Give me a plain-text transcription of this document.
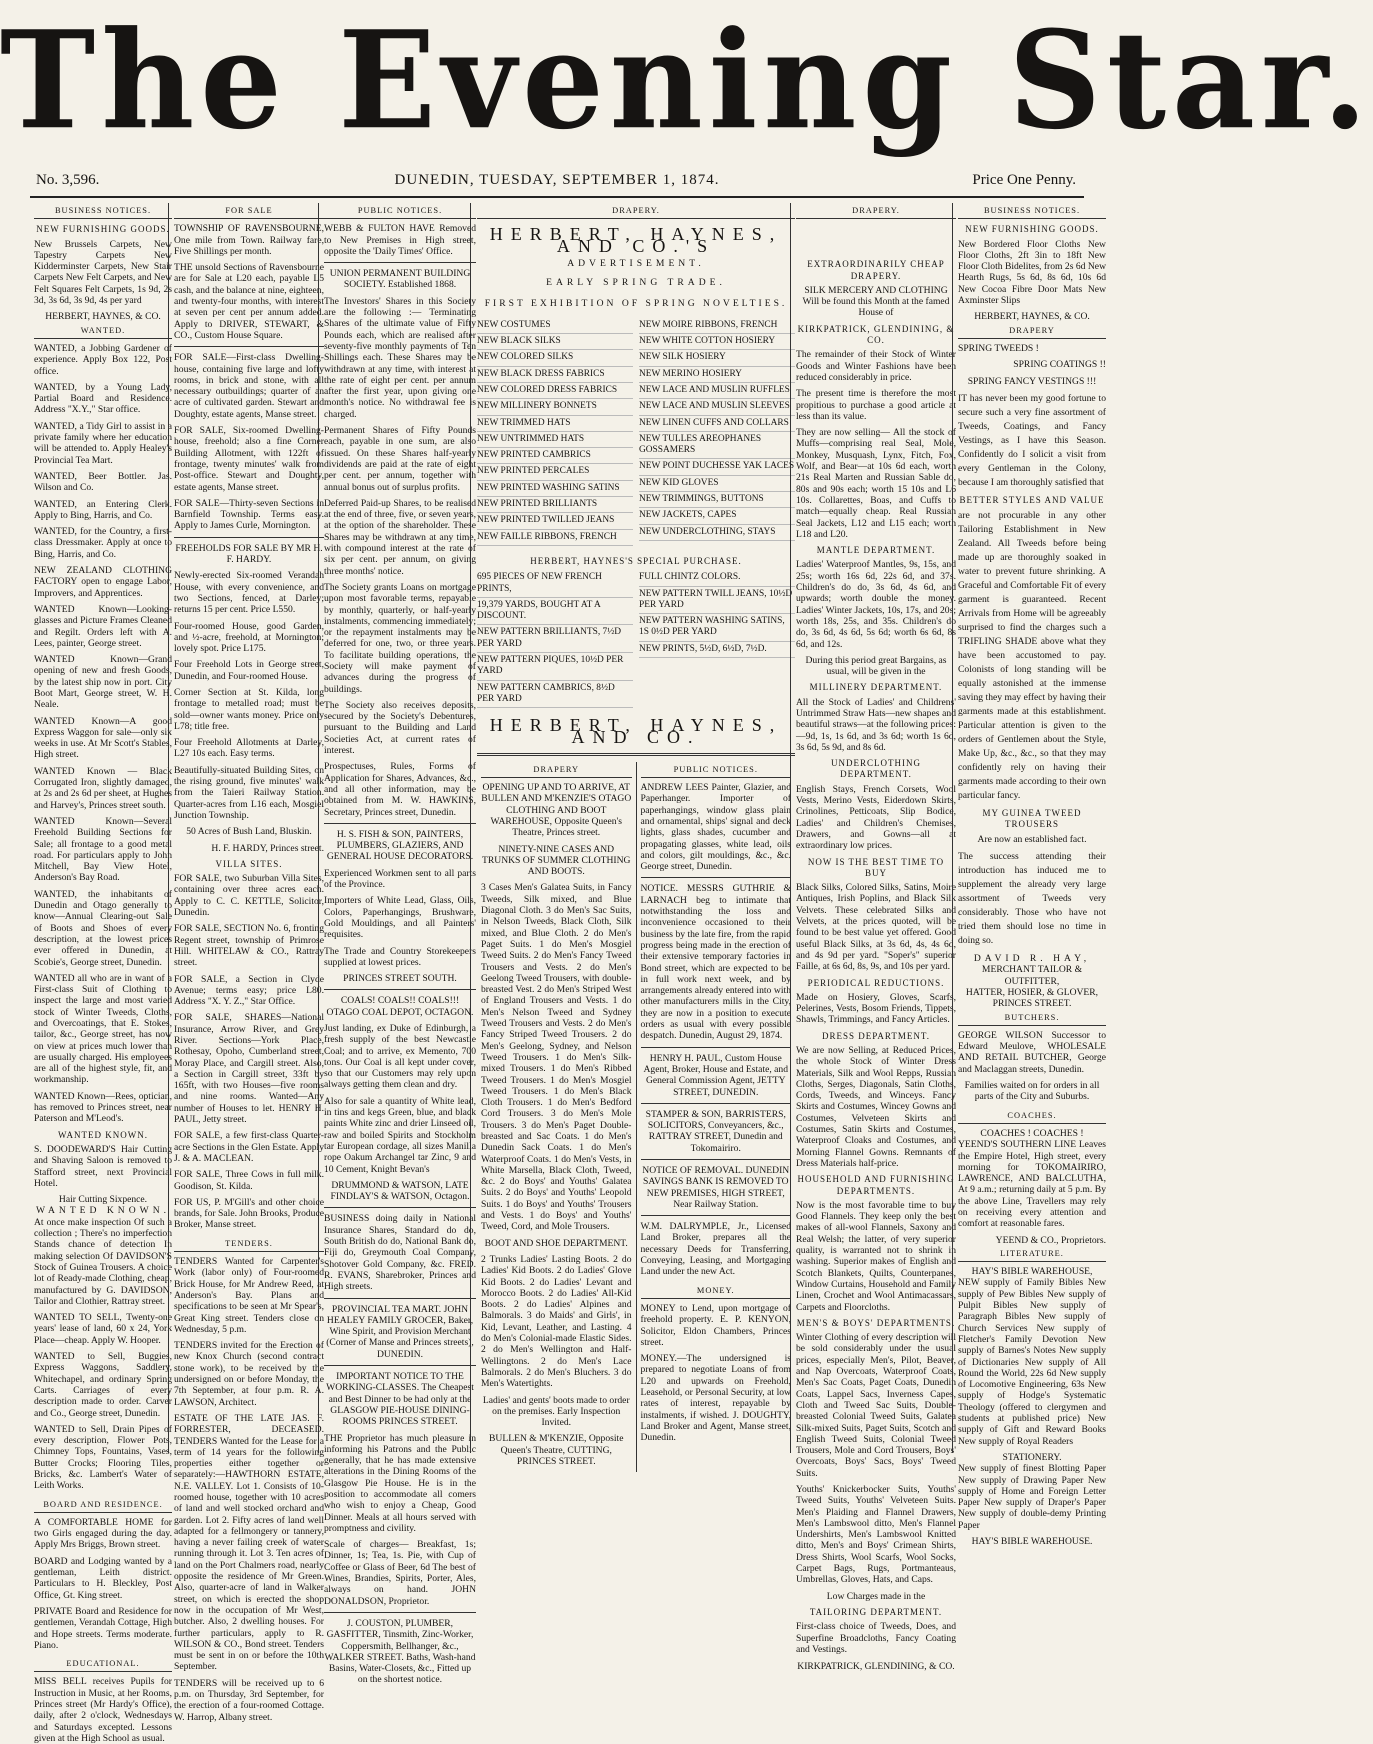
The Evening Star.
No. 3,596.	DUNEDIN, TUESDAY, SEPTEMBER 1, 1874.	Price One Penny.
BUSINESS NOTICES.
NEW FURNISHING GOODS.

New Brussels Carpets, New Tapestry Carpets New Kidderminster Carpets, New Stair Carpets New Felt Carpets, and New Felt Squares Felt Carpets, 1s 9d, 2s 3d, 3s 6d, 3s 9d, 4s per yard

HERBERT, HAYNES, & CO.
WANTED.

WANTED, a Jobbing Gardener of experience. Apply Box 122, Post office.

WANTED, by a Young Lady, Partial Board and Residence. Address "X.Y.," Star office.

WANTED, a Tidy Girl to assist in a private family where her education will be attended to. Apply Healey's Provincial Tea Mart.

WANTED, Beer Bottler. Jas. Wilson and Co.

WANTED, an Entering Clerk. Apply to Bing, Harris, and Co.

WANTED, for the Country, a first-class Dressmaker. Apply at once to Bing, Harris, and Co.

NEW ZEALAND CLOTHING FACTORY open to engage Labor, Improvers, and Apprentices.

WANTED Known—Looking-glasses and Picture Frames Cleaned and Regilt. Orders left with A. Lees, painter, George street.

WANTED Known—Grand opening of new and fresh Goods, by the latest ship now in port. City Boot Mart, George street, W. H. Neale.

WANTED Known—A good Express Waggon for sale—only six weeks in use. At Mr Scott's Stables, High street.

WANTED Known — Black Corrugated Iron, slightly damaged, at 2s and 2s 6d per sheet, at Hughes and Harvey's, Princes street south.

WANTED Known—Several Freehold Building Sections for Sale; all frontage to a good metal road. For particulars apply to John Mitchell, Bay View Hotel, Anderson's Bay Road.

WANTED, the inhabitants of Dunedin and Otago generally to know—Annual Clearing-out Sale of Boots and Shoes of every description, at the lowest prices ever offered in Dunedin, at Scobie's, George street, Dunedin.

WANTED all who are in want of a First-class Suit of Clothing to inspect the large and most varied stock of Winter Tweeds, Cloths, and Overcoatings, that E. Stokes, tailor, &c., George street, has now on view at prices much lower than are usually charged. His employees are all of the highest style, fit, and workmanship.

WANTED Known—Rees, optician, has removed to Princes street, near Paterson and M'Leod's.

WANTED KNOWN.

S. DOODEWARD'S Hair Cutting and Shaving Saloon is removed to Stafford street, next Provincial Hotel.

Hair Cutting Sixpence.
WANTED KNOWN.

At once make inspection Of such a collection ; There's no imperfection Stands chance of detection In making selection Of DAVIDSON'S Stock of Guinea Trousers. A choice lot of Ready-made Clothing, cheap, manufactured by G. DAVIDSON, Tailor and Clothier, Rattray street.

WANTED TO SELL, Twenty-one years' lease of land, 60 x 24, York Place—cheap. Apply W. Hooper.

WANTED to Sell, Buggies, Express Waggons, Saddlery, Whitechapel, and ordinary Spring Carts. Carriages of every description made to order. Carver and Co., George street, Dunedin.

WANTED to Sell, Drain Pipes of every description, Flower Pots, Chimney Tops, Fountains, Vases, Butter Crocks; Flooring Tiles, Bricks, &c. Lambert's Water of Leith Works.

BOARD AND RESIDENCE.

A COMFORTABLE HOME for two Girls engaged during the day. Apply Mrs Briggs, Brown street.

BOARD and Lodging wanted by a gentleman, Leith district. Particulars to H. Bleckley, Post Office, Gt. King street.

PRIVATE Board and Residence for gentlemen, Verandah Cottage, High and Hope streets. Terms moderate. Piano.

EDUCATIONAL.

MISS BELL receives Pupils for Instruction in Music, at her Rooms, Princes street (Mr Hardy's Office), daily, after 2 o'clock, Wednesdays and Saturdays excepted. Lessons given at the High School as usual.

FOR SALE

TOWNSHIP OF RAVENSBOURNE, One mile from Town. Railway fare, Five Shillings per month.

THE unsold Sections of Ravensbourne are for Sale at L20 each, payable L5 cash, and the balance at nine, eighteen, and twenty-four months, with interest at seven per cent per annum added. Apply to DRIVER, STEWART, & CO., Custom House Square.

FOR SALE—First-class Dwelling-house, containing five large and lofty rooms, in brick and stone, with all necessary outbuildings; quarter of an acre of cultivated garden. Stewart and Doughty, estate agents, Manse street.

FOR SALE, Six-roomed Dwelling-house, freehold; also a fine Corner Building Allotment, with 122ft of frontage, twenty minutes' walk from Post-office. Stewart and Doughty, estate agents, Manse street.

FOR SALE—Thirty-seven Sections in Barnfield Township. Terms easy. Apply to James Curle, Mornington.

FREEHOLDS FOR SALE BY MR H. F. HARDY.

Newly-erected Six-roomed Verandah House, with every convenience, and two Sections, fenced, at Darley; returns 15 per cent. Price L550.

Four-roomed House, good Garden, and ½-acre, freehold, at Mornington; lovely spot. Price L175.

Four Freehold Lots in George street, Dunedin, and Four-roomed House.

Corner Section at St. Kilda, long frontage to metalled road; must be sold—owner wants money. Price only L78; title free.

Four Freehold Allotments at Darley, L27 10s each. Easy terms.

Beautifully-situated Building Sites, on the rising ground, five minutes' walk from the Taieri Railway Station. Quarter-acres from L16 each, Mosgiel Junction Township.

50 Acres of Bush Land, Bluskin.

H. F. HARDY, Princes street.
VILLA SITES.

FOR SALE, two Suburban Villa Sites, containing over three acres each. Apply to C. C. KETTLE, Solicitor, Dunedin.

FOR SALE, SECTION No. 6, fronting Regent street, township of Primrose Hill. WHITELAW & CO., Rattray street.

FOR SALE, a Section in Clyde Avenue; terms easy; price L80. Address "X. Y. Z.," Star Office.

FOR SALE, SHARES—National Insurance, Arrow River, and Grey River. Sections—York Place, Rothesay, Opoho, Cumberland street, Moray Place, and Cargill street. Also, a Section in Cargill street, 33ft by 165ft, with two Houses—five rooms and nine rooms. Wanted—Any number of Houses to let. HENRY H. PAUL, Jetty street.

FOR SALE, a few first-class Quarter-acre Sections in the Glen Estate. Apply J. & A. MACLEAN.

FOR SALE, Three Cows in full milk. Goodison, St. Kilda.

FOR US, P. M'Gill's and other choice brands, for Sale. John Brooks, Produce Broker, Manse street.

TENDERS.

TENDERS Wanted for Carpenter's Work (labor only) of Four-roomed Brick House, for Mr Andrew Reed, at Anderson's Bay. Plans and specifications to be seen at Mr Spear's, Great King street. Tenders close on Wednesday, 5 p.m.

TENDERS invited for the Erection of new Knox Church (second contract stone work), to be received by the undersigned on or before Monday, the 7th September, at four p.m. R. A. LAWSON, Architect.

ESTATE OF THE LATE JAS. F. FORRESTER, DECEASED. TENDERS Wanted for the Lease for a term of 14 years for the following properties either together or separately:—HAWTHORN ESTATE, N.E. VALLEY. Lot 1. Consists of 10-roomed house, together with 10 acres of land and well stocked orchard and garden. Lot 2. Fifty acres of land well adapted for a fellmongery or tannery, having a never failing creek of water running through it. Lot 3. Ten acres of land on the Port Chalmers road, nearly opposite the residence of Mr Green. Also, quarter-acre of land in Walker street, on which is erected the shop now in the occupation of Mr West, butcher. Also, 2 dwelling houses. For further particulars, apply to R. WILSON & CO., Bond street. Tenders must be sent in on or before the 10th September.

TENDERS will be received up to 6 p.m. on Thursday, 3rd September, for the erection of a four-roomed Cottage. W. Harrop, Albany street.

PUBLIC NOTICES.

WEBB & FULTON HAVE Removed to New Premises in High street, opposite the 'Daily Times' Office.

UNION PERMANENT BUILDING SOCIETY. Established 1868.

The Investors' Shares in this Society are the following :— Terminating Shares of the ultimate value of Fifty Pounds each, which are realised after seventy-five monthly payments of Ten Shillings each. These Shares may be withdrawn at any time, with interest at the rate of eight per cent. per annum after the first year, upon giving one month's notice. No withdrawal fee is charged.

Permanent Shares of Fifty Pounds each, payable in one sum, are also issued. On these Shares half-yearly dividends are paid at the rate of eight per cent. per annum, together with annual bonus out of surplus profits.

Deferred Paid-up Shares, to be realised at the end of three, five, or seven years, at the option of the shareholder. These Shares may be withdrawn at any time, with compound interest at the rate of six per cent. per annum, on giving three months' notice.

The Society grants Loans on mortgage upon most favorable terms, repayable by monthly, quarterly, or half-yearly instalments, commencing immediately; or the repayment instalments may be deferred for one, two, or three years. To facilitate building operations, the Society will make payment of advances during the progress of buildings.

The Society also receives deposits, secured by the Society's Debentures, pursuant to the Building and Land Societies Act, at current rates of interest.

Prospectuses, Rules, Forms of Application for Shares, Advances, &c., and all other information, may be obtained from M. W. HAWKINS, Secretary, Princes street, Dunedin.

H. S. FISH & SON, PAINTERS, PLUMBERS, GLAZIERS, AND GENERAL HOUSE DECORATORS.

Experienced Workmen sent to all parts of the Province.

Importers of White Lead, Glass, Oils, Colors, Paperhangings, Brushware, Gold Mouldings, and all Painters' requisites.

The Trade and Country Storekeepers supplied at lowest prices.

PRINCES STREET SOUTH.

COALS! COALS!! COALS!!! OTAGO COAL DEPOT, OCTAGON.

Just landing, ex Duke of Edinburgh, a fresh supply of the best Newcastle Coal; and to arrive, ex Memento, 700 tons. Our Coal is all kept under cover, so that our Customers may rely upon always getting them clean and dry.

Also for sale a quantity of White lead, in tins and kegs Green, blue, and black paints White zinc and drier Linseed oil, raw and boiled Spirits and Stockholm tar European cordage, all sizes Manilla rope Oakum Archangel tar Zinc, 9 and 10 Cement, Knight Bevan's

DRUMMOND & WATSON, LATE FINDLAY'S & WATSON, Octagon.

BUSINESS doing daily in National Insurance Shares, Standard do do, South British do do, National Bank do, Fiji do, Greymouth Coal Company, Shotover Gold Company, &c. FRED. R. EVANS, Sharebroker, Princes and High streets.

PROVINCIAL TEA MART. JOHN HEALEY FAMILY GROCER, Baker, Wine Spirit, and Provision Merchant (Corner of Manse and Princes streets), DUNEDIN.

IMPORTANT NOTICE TO THE WORKING-CLASSES. The Cheapest and Best Dinner to be had only at the GLASGOW PIE-HOUSE DINING-ROOMS PRINCES STREET.

THE Proprietor has much pleasure in informing his Patrons and the Public generally, that he has made extensive alterations in the Dining Rooms of the Glasgow Pie House. He is in the position to accommodate all comers who wish to enjoy a Cheap, Good Dinner. Meals at all hours served with promptness and civility.

Scale of charges— Breakfast, 1s; Dinner, 1s; Tea, 1s. Pie, with Cup of Coffee or Glass of Beer, 6d The best of Wines, Brandies, Spirits, Porter, Ales, always on hand. JOHN DONALDSON, Proprietor.

J. COUSTON, PLUMBER, GASFITTER, Tinsmith, Zinc-Worker, Coppersmith, Bellhanger, &c., WALKER STREET. Baths, Wash-hand Basins, Water-Closets, &c., Fitted up on the shortest notice.

DRAPERY.
HERBERT, HAYNES, AND CO.'S
ADVERTISEMENT.
EARLY SPRING TRADE.
FIRST EXHIBITION OF SPRING NOVELTIES.

NEW COSTUMES

NEW BLACK SILKS

NEW COLORED SILKS

NEW BLACK DRESS FABRICS

NEW COLORED DRESS FABRICS

NEW MILLINERY BONNETS

NEW TRIMMED HATS

NEW UNTRIMMED HATS

NEW PRINTED CAMBRICS

NEW PRINTED PERCALES

NEW PRINTED WASHING SATINS

NEW PRINTED BRILLIANTS

NEW PRINTED TWILLED JEANS

NEW FAILLE RIBBONS, FRENCH

NEW MOIRE RIBBONS, FRENCH

NEW WHITE COTTON HOSIERY

NEW SILK HOSIERY

NEW MERINO HOSIERY

NEW LACE AND MUSLIN RUFFLES

NEW LACE AND MUSLIN SLEEVES

NEW LINEN CUFFS AND COLLARS

NEW TULLES AREOPHANES GOSSAMERS

NEW POINT DUCHESSE YAK LACES

NEW KID GLOVES

NEW TRIMMINGS, BUTTONS

NEW JACKETS, CAPES

NEW UNDERCLOTHING, STAYS

HERBERT, HAYNES'S SPECIAL PURCHASE.

695 PIECES OF NEW FRENCH PRINTS,

19,379 YARDS, BOUGHT AT A DISCOUNT.

NEW PATTERN BRILLIANTS, 7½D PER YARD

NEW PATTERN PIQUES, 10½D PER YARD

NEW PATTERN CAMBRICS, 8½D PER YARD

FULL CHINTZ COLORS.

NEW PATTERN TWILL JEANS, 10½D PER YARD

NEW PATTERN WASHING SATINS, 1S 0½D PER YARD

NEW PRINTS, 5½D, 6½D, 7½D.

HERBERT, HAYNES, AND CO.
DRAPERY

OPENING UP AND TO ARRIVE, AT BULLEN AND M'KENZIE'S OTAGO CLOTHING AND BOOT WAREHOUSE, Opposite Queen's Theatre, Princes street.

NINETY-NINE CASES AND TRUNKS OF SUMMER CLOTHING AND BOOTS.

3 Cases Men's Galatea Suits, in Fancy Tweeds, Silk mixed, and Blue Diagonal Cloth. 3 do Men's Sac Suits, in Nelson Tweeds, Black Cloth, Silk mixed, and Blue Cloth. 2 do Men's Paget Suits. 1 do Men's Mosgiel Tweed Suits. 2 do Men's Fancy Tweed Trousers and Vests. 2 do Men's Geelong Tweed Trousers, with double-breasted Vest. 2 do Men's Striped West of England Trousers and Vests. 1 do Men's Nelson Tweed and Sydney Tweed Trousers and Vests. 2 do Men's Fancy Striped Tweed Trousers. 2 do Men's Geelong, Sydney, and Nelson Tweed Trousers. 1 do Men's Silk-mixed Trousers. 1 do Men's Ribbed Tweed Trousers. 1 do Men's Mosgiel Tweed Trousers. 1 do Men's Black Cloth Trousers. 1 do Men's Bedford Cord Trousers. 3 do Men's Mole Trousers. 3 do Men's Paget Double-breasted and Sac Coats. 1 do Men's Dunedin Sack Coats. 1 do Men's Waterproof Coats. 1 do Men's Vests, in White Marsella, Black Cloth, Tweed, &c. 2 do Boys' and Youths' Galatea Suits. 2 do Boys' and Youths' Leopold Suits. 1 do Boys' and Youths' Trousers and Vests. 1 do Boys' and Youths' Tweed, Cord, and Mole Trousers.

BOOT AND SHOE DEPARTMENT.

2 Trunks Ladies' Lasting Boots. 2 do Ladies' Kid Boots. 2 do Ladies' Glove Kid Boots. 2 do Ladies' Levant and Morocco Boots. 2 do Ladies' All-Kid Boots. 2 do Ladies' Alpines and Balmorals. 3 do Maids' and Girls', in Kid, Levant, Leather, and Lasting. 4 do Men's Colonial-made Elastic Sides. 2 do Men's Wellington and Half-Wellingtons. 2 do Men's Lace Balmorals. 2 do Men's Bluchers. 3 do Men's Watertights.

Ladies' and gents' boots made to order on the premises. Early Inspection Invited.

BULLEN & M'KENZIE, Opposite Queen's Theatre, CUTTING, PRINCES STREET.

PUBLIC NOTICES.

ANDREW LEES Painter, Glazier, and Paperhanger. Importer of paperhangings, window glass plain and ornamental, ships' signal and deck lights, glass shades, cucumber and propagating glasses, white lead, oils and colors, gilt mouldings, &c., &c. George street, Dunedin.

NOTICE. MESSRS GUTHRIE & LARNACH beg to intimate that notwithstanding the loss and inconvenience occasioned to their business by the late fire, from the rapid progress being made in the erection of their extensive temporary factories in Bond street, which are expected to be in full work next week, and by arrangements already entered into with other manufacturers mills in the City, they are now in a position to execute orders as usual with every possible despatch. Dunedin, August 29, 1874.

HENRY H. PAUL, Custom House Agent, Broker, House and Estate, and General Commission Agent, JETTY STREET, DUNEDIN.

STAMPER & SON, BARRISTERS, SOLICITORS, Conveyancers, &c., RATTRAY STREET, Dunedin and Tokomairiro.

NOTICE OF REMOVAL. DUNEDIN SAVINGS BANK IS REMOVED TO NEW PREMISES, HIGH STREET, Near Railway Station.

W.M. DALRYMPLE, Jr., Licensed Land Broker, prepares all the necessary Deeds for Transferring, Conveying, Leasing, and Mortgaging Land under the new Act.

MONEY.

MONEY to Lend, upon mortgage of freehold property. E. P. KENYON, Solicitor, Eldon Chambers, Princes street.

MONEY.—The undersigned is prepared to negotiate Loans of from L20 and upwards on Freehold, Leasehold, or Personal Security, at low rates of interest, repayable by instalments, if wished. J. DOUGHTY, Land Broker and Agent, Manse street, Dunedin.

DRAPERY.
EXTRAORDINARILY CHEAP DRAPERY.

SILK MERCERY AND CLOTHING Will be found this Month at the famed House of

KIRKPATRICK, GLENDINING, & CO.

The remainder of their Stock of Winter Goods and Winter Fashions have been reduced considerably in price.

The present time is therefore the most propitious to purchase a good article at less than its value.

They are now selling— All the stock of Muffs—comprising real Seal, Mole, Monkey, Musquash, Lynx, Fitch, Fox, Wolf, and Bear—at 10s 6d each, worth 21s Real Marten and Russian Sable do, 80s and 90s each; worth 15 10s and L6 10s. Collarettes, Boas, and Cuffs to match—equally cheap. Real Russian Seal Jackets, L12 and L15 each; worth L18 and L20.

MANTLE DEPARTMENT.

Ladies' Waterproof Mantles, 9s, 15s, and 25s; worth 16s 6d, 22s 6d, and 37s. Children's do do, 3s 6d, 4s 6d, and upwards; worth double the money. Ladies' Winter Jackets, 10s, 17s, and 20s; worth 18s, 25s, and 35s. Children's do do, 3s 6d, 4s 6d, 5s 6d; worth 6s 6d, 8s 6d, and 12s.

During this period great Bargains, as usual, will be given in the

MILLINERY DEPARTMENT.

All the Stock of Ladies' and Childrens' Untrimmed Straw Hats—new shapes and beautiful straws—at the following prices:—9d, 1s, 1s 6d, and 3s 6d; worth 1s 6d, 3s 6d, 5s 9d, and 8s 6d.

UNDERCLOTHING DEPARTMENT.

English Stays, French Corsets, Wool Vests, Merino Vests, Eiderdown Skirts, Crinolines, Petticoats, Slip Bodice, Ladies' and Children's Chemises, Drawers, and Gowns—all at extraordinary low prices.

NOW IS THE BEST TIME TO BUY

Black Silks, Colored Silks, Satins, Moire Antiques, Irish Poplins, and Black Silk Velvets. These celebrated Silks and Velvets, at the prices quoted, will be found to be best value yet offered. Good useful Black Silks, at 3s 6d, 4s, 4s 6d, and 4s 9d per yard. "Soper's" superior Faille, at 6s 6d, 8s, 9s, and 10s per yard.

PERIODICAL REDUCTIONS.

Made on Hosiery, Gloves, Scarfs, Pelerines, Vests, Bosom Friends, Tippets, Shawls, Trimmings, and Fancy Articles.

DRESS DEPARTMENT.

We are now Selling, at Reduced Prices, the whole Stock of Winter Dress Materials, Silk and Wool Repps, Russian Cloths, Serges, Diagonals, Satin Cloths, Cords, Tweeds, and Winceys. Fancy Skirts and Costumes, Wincey Gowns and Costumes, Velveteen Skirts and Costumes, Satin Skirts and Costumes, Waterproof Cloaks and Costumes, and Morning Flannel Gowns. Remnants of Dress Materials half-price.

HOUSEHOLD AND FURNISHING DEPARTMENTS.

Now is the most favorable time to buy Good Flannels. They keep only the best makes of all-wool Flannels, Saxony and Real Welsh; the latter, of very superior quality, is warranted not to shrink in washing. Superior makes of English and Scotch Blankets, Quilts, Counterpanes, Window Curtains, Household and Family Linen, Crochet and Wool Antimacassars, Carpets and Floorcloths.

MEN'S & BOYS' DEPARTMENTS.

Winter Clothing of every description will be sold considerably under the usual prices, especially Men's, Pilot, Beaver, and Nap Overcoats, Waterproof Coats, Men's Sac Coats, Paget Coats, Dunedin Coats, Lappel Sacs, Inverness Capes, Cloth and Tweed Sac Suits, Double-breasted Colonial Tweed Suits, Galatea Silk-mixed Suits, Paget Suits, Scotch and English Tweed Suits, Colonial Tweed Trousers, Mole and Cord Trousers, Boys' Overcoats, Boys' Sacs, Boys' Tweed Suits.

Youths' Knickerbocker Suits, Youths' Tweed Suits, Youths' Velveteen Suits. Men's Plaiding and Flannel Drawers, Men's Lambswool ditto, Men's Flannel Undershirts, Men's Lambswool Knitted ditto, Men's and Boys' Crimean Shirts, Dress Shirts, Wool Scarfs, Wool Socks, Carpet Bags, Rugs, Portmanteaus, Umbrellas, Gloves, Hats, and Caps.

Low Charges made in the

TAILORING DEPARTMENT.

First-class choice of Tweeds, Does, and Superfine Broadcloths, Fancy Coating and Vestings.

KIRKPATRICK, GLENDINING, & CO.
BUSINESS NOTICES.
NEW FURNISHING GOODS.

New Bordered Floor Cloths New Floor Cloths, 2ft 3in to 18ft New Floor Cloth Bidelites, from 2s 6d New Hearth Rugs, 5s 6d, 8s 6d, 10s 6d New Cocoa Fibre Door Mats New Axminster Slips

HERBERT, HAYNES, & CO.
DRAPERY

SPRING TWEEDS !

SPRING COATINGS !!

SPRING FANCY VESTINGS !!!

IT has never been my good fortune to secure such a very fine assortment of Tweeds, Coatings, and Fancy Vestings, as I have this Season. Confidently do I solicit a visit from every Gentleman in the Colony, because I am thoroughly satisfied that

BETTER STYLES AND VALUE

are not procurable in any other Tailoring Establishment in New Zealand. All Tweeds before being made up are thoroughly soaked in water to prevent future shrinking. A Graceful and Comfortable Fit of every garment is guaranteed. Recent Arrivals from Home will be agreeably surprised to find the charges such a TRIFLING SHADE above what they have been accustomed to pay. Colonists of long standing will be equally astonished at the immense saving they may effect by having their garments made at this establishment. Particular attention is given to the orders of Gentlemen about the Style, Make Up, &c., &c., so that they may confidently rely on having their garments made according to their own particular fancy.

MY GUINEA TWEED TROUSERS

Are now an established fact.

The success attending their introduction has induced me to supplement the already very large assortment of Tweeds very considerably. Those who have not tried them should lose no time in doing so.

DAVID R. HAY,
MERCHANT TAILOR & OUTFITTER,
HATTER, HOSIER, & GLOVER,
PRINCES STREET.
BUTCHERS.

GEORGE WILSON Successor to Edward Meulove, WHOLESALE AND RETAIL BUTCHER, George and Maclaggan streets, Dunedin.

Families waited on for orders in all parts of the City and Suburbs.

COACHES.
COACHES ! COACHES !

YEEND'S SOUTHERN LINE Leaves the Empire Hotel, High street, every morning for TOKOMAIRIRO, LAWRENCE, AND BALCLUTHA, At 9 a.m.; returning daily at 5 p.m. By the above Line, Travellers may rely on receiving every attention and comfort at reasonable fares.

YEEND & CO., Proprietors.
LITERATURE.
HAY'S BIBLE WAREHOUSE,

NEW supply of Family Bibles New supply of Pew Bibles New supply of Pulpit Bibles New supply of Paragraph Bibles New supply of Church Services New supply of Fletcher's Family Devotion New supply of Barnes's Notes New supply of Dictionaries New supply of All Round the World, 22s 6d New supply of Locomotive Engineering, 63s New supply of Hodge's Systematic Theology (offered to clergymen and students at published price) New supply of Gift and Reward Books New supply of Royal Readers

STATIONERY.

New supply of finest Blotting Paper New supply of Drawing Paper New supply of Home and Foreign Letter Paper New supply of Draper's Paper New supply of double-demy Printing Paper

HAY'S BIBLE WAREHOUSE.
